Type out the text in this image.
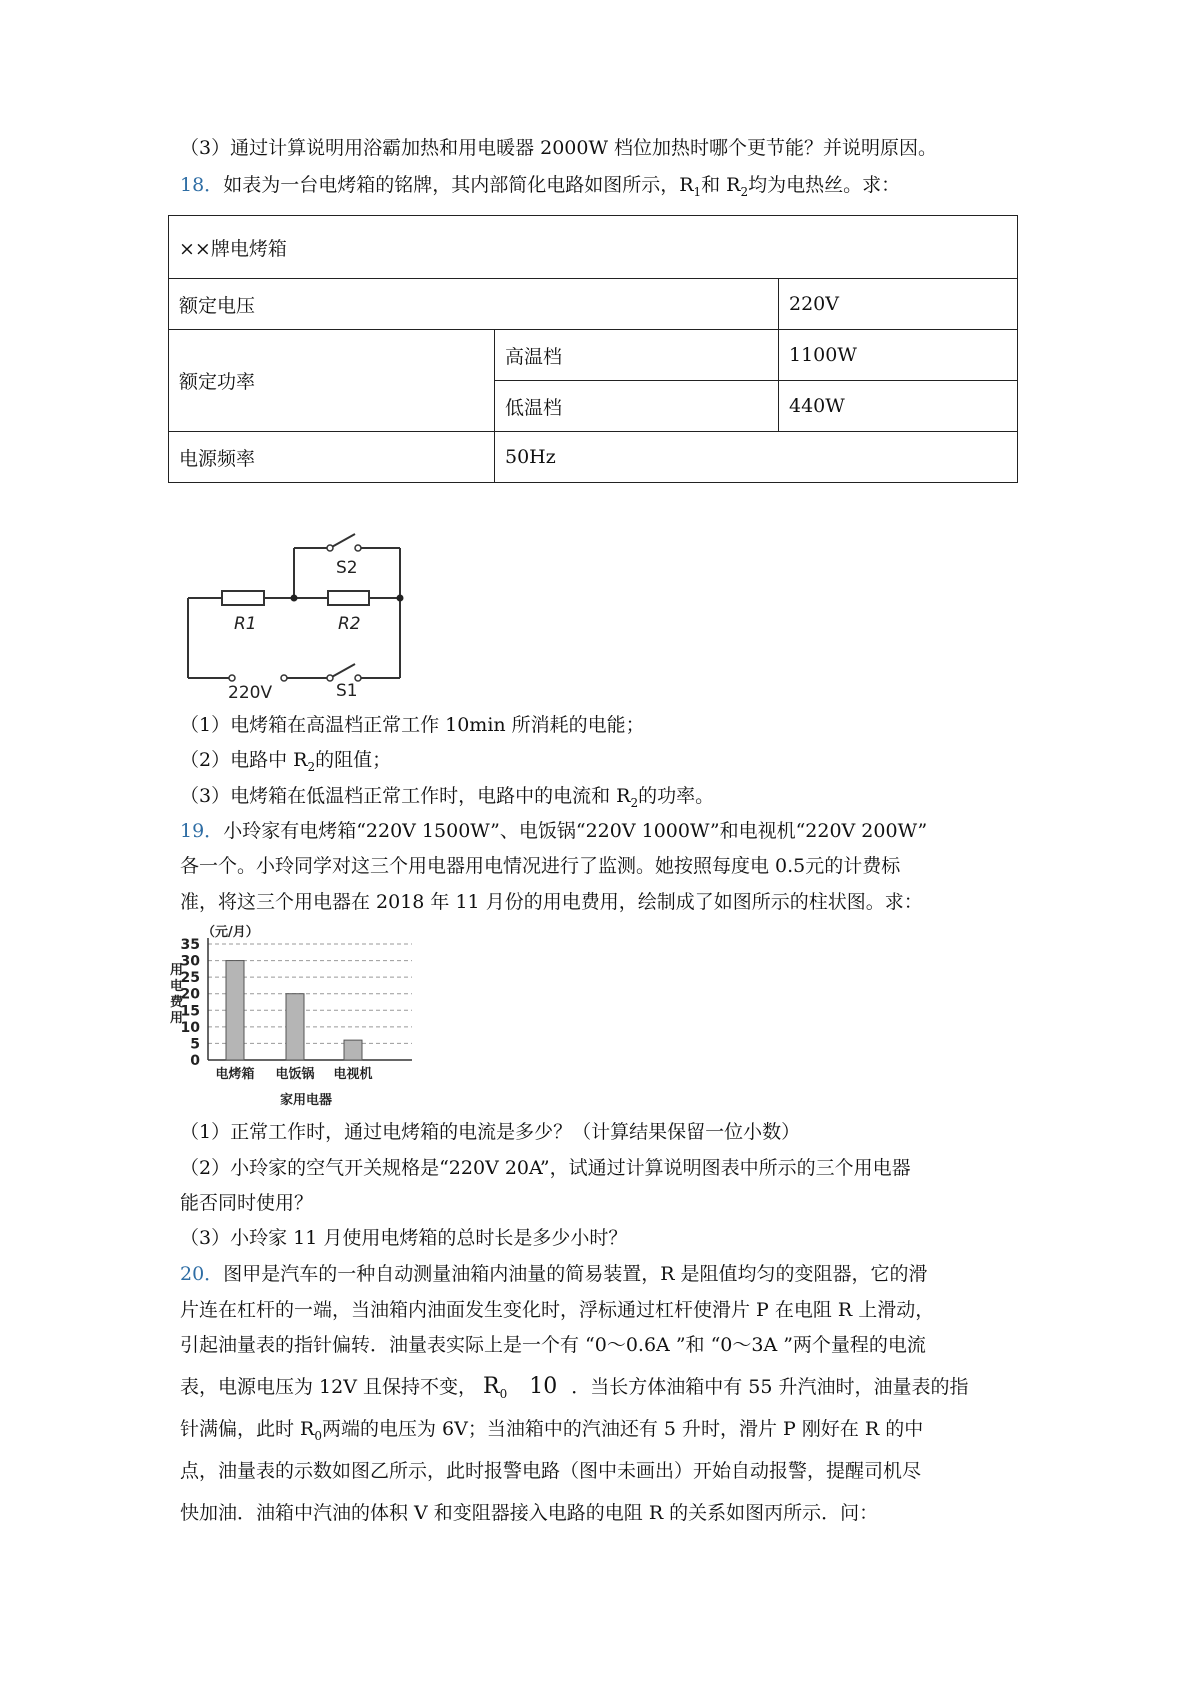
（3）通过计算说明用浴霸加热和用电暖器 2000W 档位加热时哪个更节能？并说明原因。
18．如表为一台电烤箱的铭牌，其内部简化电路如图所示，$R_1$和 $R_2$均为电热丝。求：
××牌电烤箱		
额定电压		220V
额定功率	高温档	1100W
	低温档	440W
电源频率	50Hz	
S2
R1	R2
220V	S1
（1）电烤箱在高温档正常工作 10min 所消耗的电能；
（2）电路中 $R_2$的阻值；
（3）电烤箱在低温档正常工作时，电路中的电流和 $R_2$的功率。
19．小玲家有电烤箱“220V 1500W”、电饭锅“220V 1000W”和电视机“220V 200W”
各一个。小玲同学对这三个用电器用电情况进行了监测。她按照每度电 0.5元的计费标
准，将这三个用电器在 2018 年 11 月份的用电费用，绘制成了如图所示的柱状图。求：
（元/月）
用
电
费
用
0
5
10
15
20
25
30
35
电烤箱 电饭锅 电视机
家用电器
（1）正常工作时，通过电烤箱的电流是多少？（计算结果保留一位小数）
（2）小玲家的空气开关规格是“220V 20A”，试通过计算说明图表中所示的三个用电器
能否同时使用？
（3）小玲家 11 月使用电烤箱的总时长是多少小时？
20．图甲是汽车的一种自动测量油箱内油量的简易装置，R 是阻值均匀的变阻器，它的滑
片连在杠杆的一端，当油箱内油面发生变化时，浮标通过杠杆使滑片 P 在电阻 R 上滑动，
引起油量表的指针偏转．油量表实际上是一个有 “0～0.6A ”和 “0～3A ”两个量程的电流
表，电源电压为 12V 且保持不变， $R_0$ 10 ．当长方体油箱中有 55 升汽油时，油量表的指
针满偏，此时 $R_0$两端的电压为 6V；当油箱中的汽油还有 5 升时，滑片 P 刚好在 R 的中
点，油量表的示数如图乙所示，此时报警电路（图中未画出）开始自动报警，提醒司机尽
快加油．油箱中汽油的体积 V 和变阻器接入电路的电阻 R 的关系如图丙所示．问：
